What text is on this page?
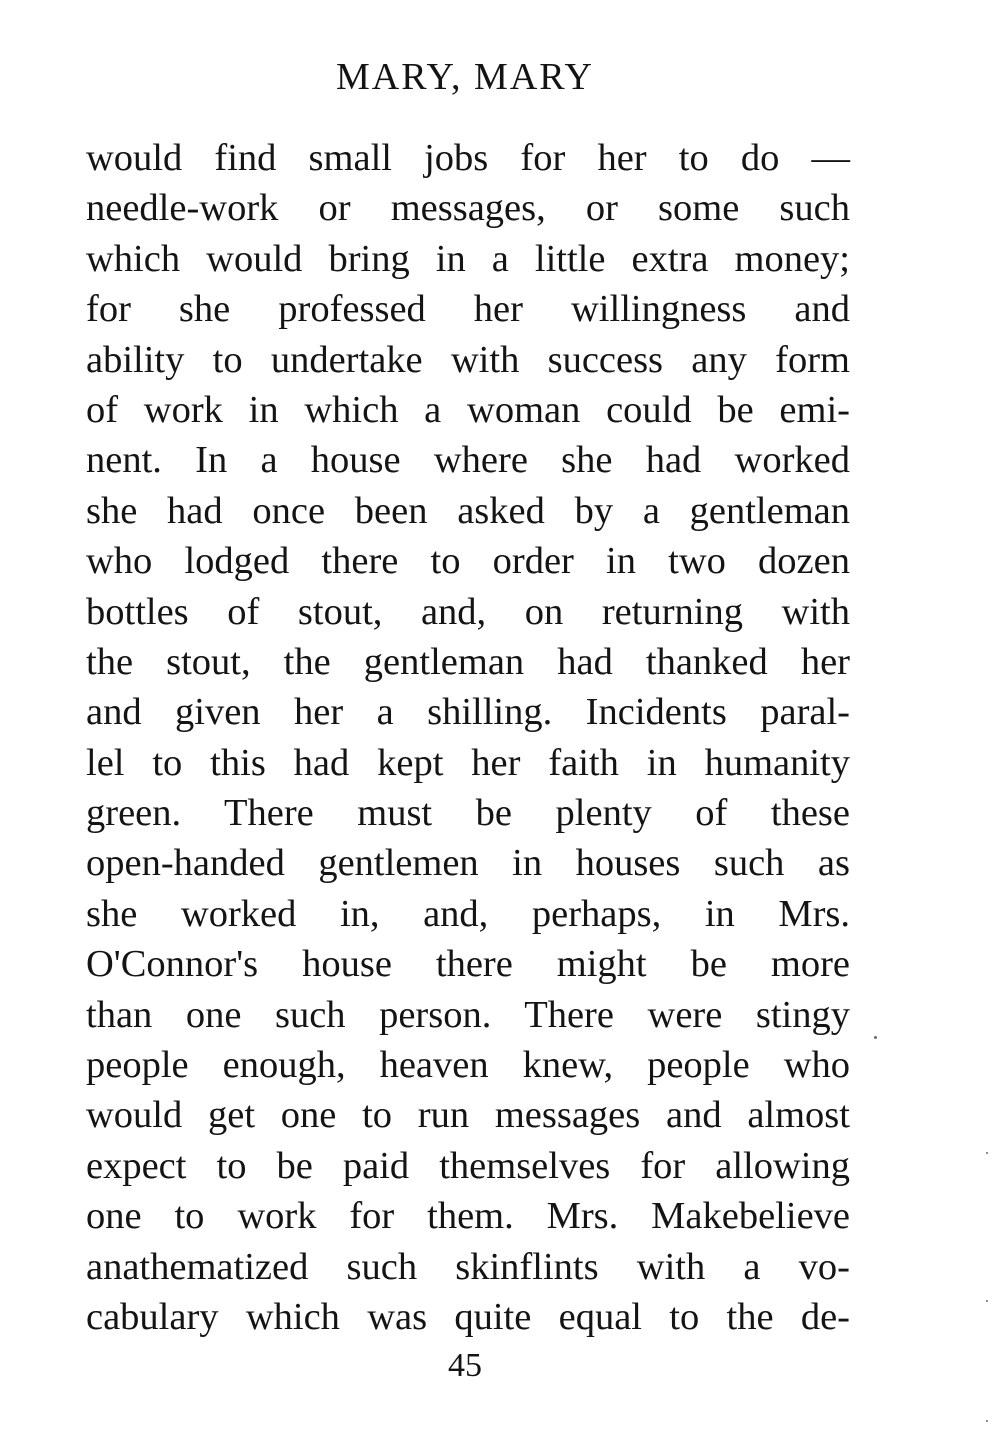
MARY, MARY
would find small jobs for her to do —
needle-work or messages, or some such
which would bring in a little extra money;
for she professed her willingness and
ability to undertake with success any form
of work in which a woman could be emi-
nent. In a house where she had worked
she had once been asked by a gentleman
who lodged there to order in two dozen
bottles of stout, and, on returning with
the stout, the gentleman had thanked her
and given her a shilling. Incidents paral-
lel to this had kept her faith in humanity
green. There must be plenty of these
open-handed gentlemen in houses such as
she worked in, and, perhaps, in Mrs.
O'Connor's house there might be more
than one such person. There were stingy
people enough, heaven knew, people who
would get one to run messages and almost
expect to be paid themselves for allowing
one to work for them. Mrs. Makebelieve
anathematized such skinflints with a vo-
cabulary which was quite equal to the de-

45
